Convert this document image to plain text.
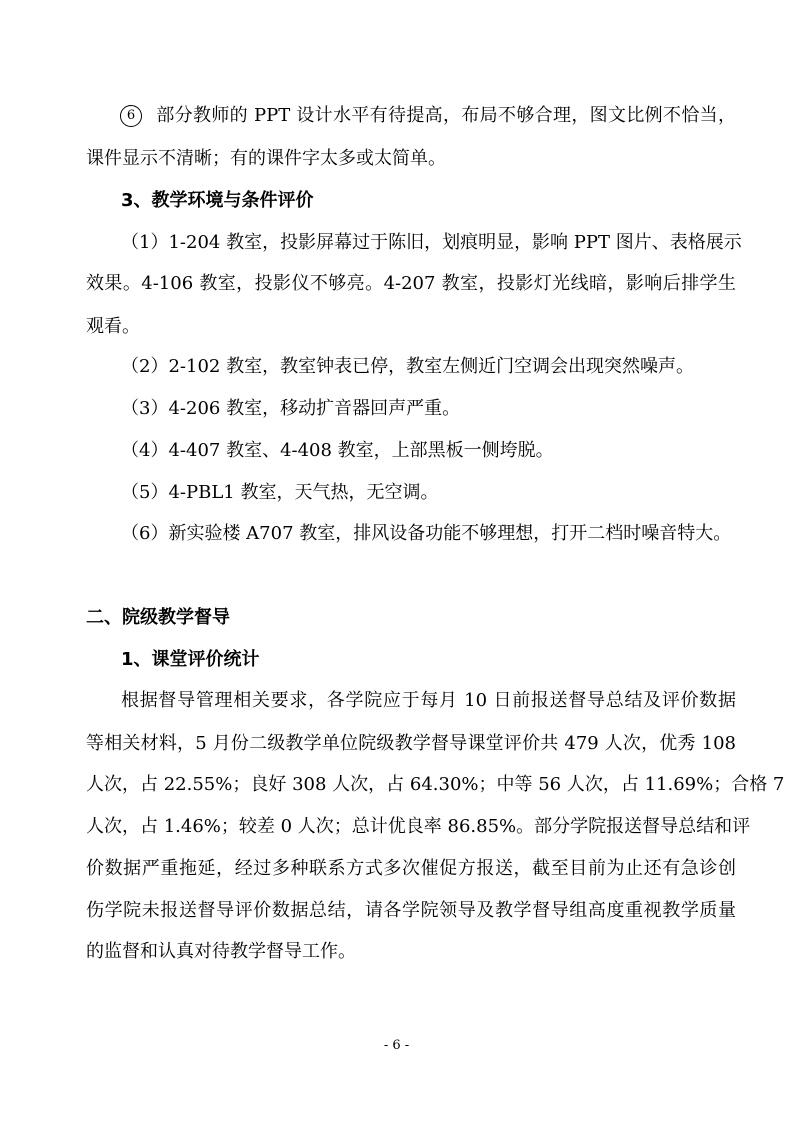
6 部分教师的 PPT 设计水平有待提高，布局不够合理，图文比例不恰当，
课件显示不清晰；有的课件字太多或太简单。
3、教学环境与条件评价
（1）1-204 教室，投影屏幕过于陈旧，划痕明显，影响 PPT 图片、表格展示
效果。4-106 教室，投影仪不够亮。4-207 教室，投影灯光线暗，影响后排学生
观看。
（2）2-102 教室，教室钟表已停，教室左侧近门空调会出现突然噪声。
（3）4-206 教室，移动扩音器回声严重。
（4）4-407 教室、4-408 教室，上部黑板一侧垮脱。
（5）4-PBL1 教室，天气热，无空调。
（6）新实验楼 A707 教室，排风设备功能不够理想，打开二档时噪音特大。
二、院级教学督导
1、课堂评价统计
根据督导管理相关要求，各学院应于每月 10 日前报送督导总结及评价数据
等相关材料，5 月份二级教学单位院级教学督导课堂评价共 479 人次，优秀 108
人次，占 22.55%；良好 308 人次，占 64.30%；中等 56 人次，占 11.69%；合格 7
人次，占 1.46%；较差 0 人次；总计优良率 86.85%。部分学院报送督导总结和评
价数据严重拖延，经过多种联系方式多次催促方报送，截至目前为止还有急诊创
伤学院未报送督导评价数据总结，请各学院领导及教学督导组高度重视教学质量
的监督和认真对待教学督导工作。
- 6 -
